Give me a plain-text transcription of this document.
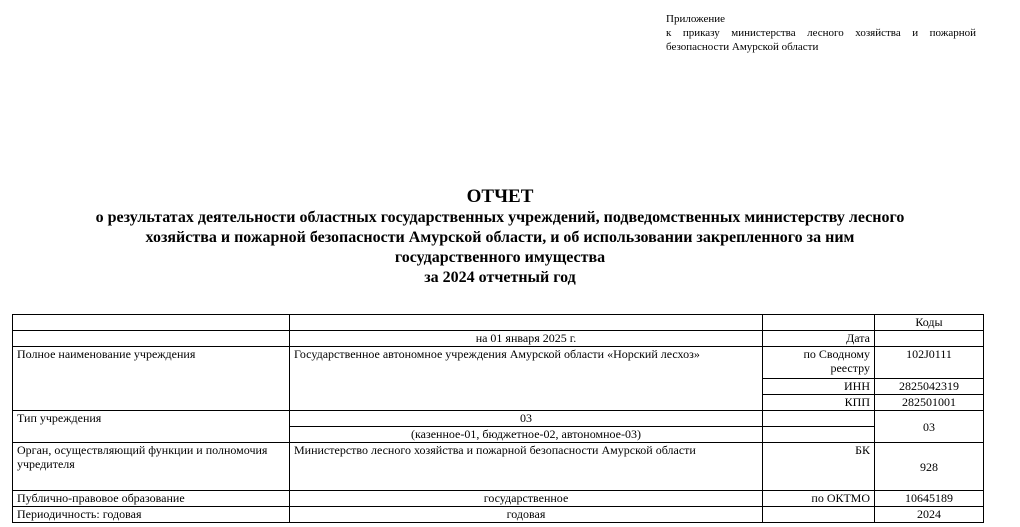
Приложение
к приказу министерства лесного хозяйства и пожарной
безопасности Амурской области
ОТЧЕТ
о результатах деятельности областных государственных учреждений, подведомственных министерству лесного
хозяйства и пожарной безопасности Амурской области, и об использовании закрепленного за ним
государственного имущества
за 2024 отчетный год
			Коды
	на 01 января 2025 г.	Дата	
Полное наименование учреждения	Государственное автономное учреждения Амурской области «Норский лесхоз»	по Сводному реестру	102J0111
		ИНН	2825042319
		КПП	282501001
Тип учреждения	03		03
	(казенное-01, бюджетное-02, автономное-03)		
Орган, осуществляющий функции и полномочия учредителя	Министерство лесного хозяйства и пожарной безопасности Амурской области	БК	928
Публично-правовое образование	государственное	по ОКТМО	10645189
Периодичность: годовая	годовая		2024
